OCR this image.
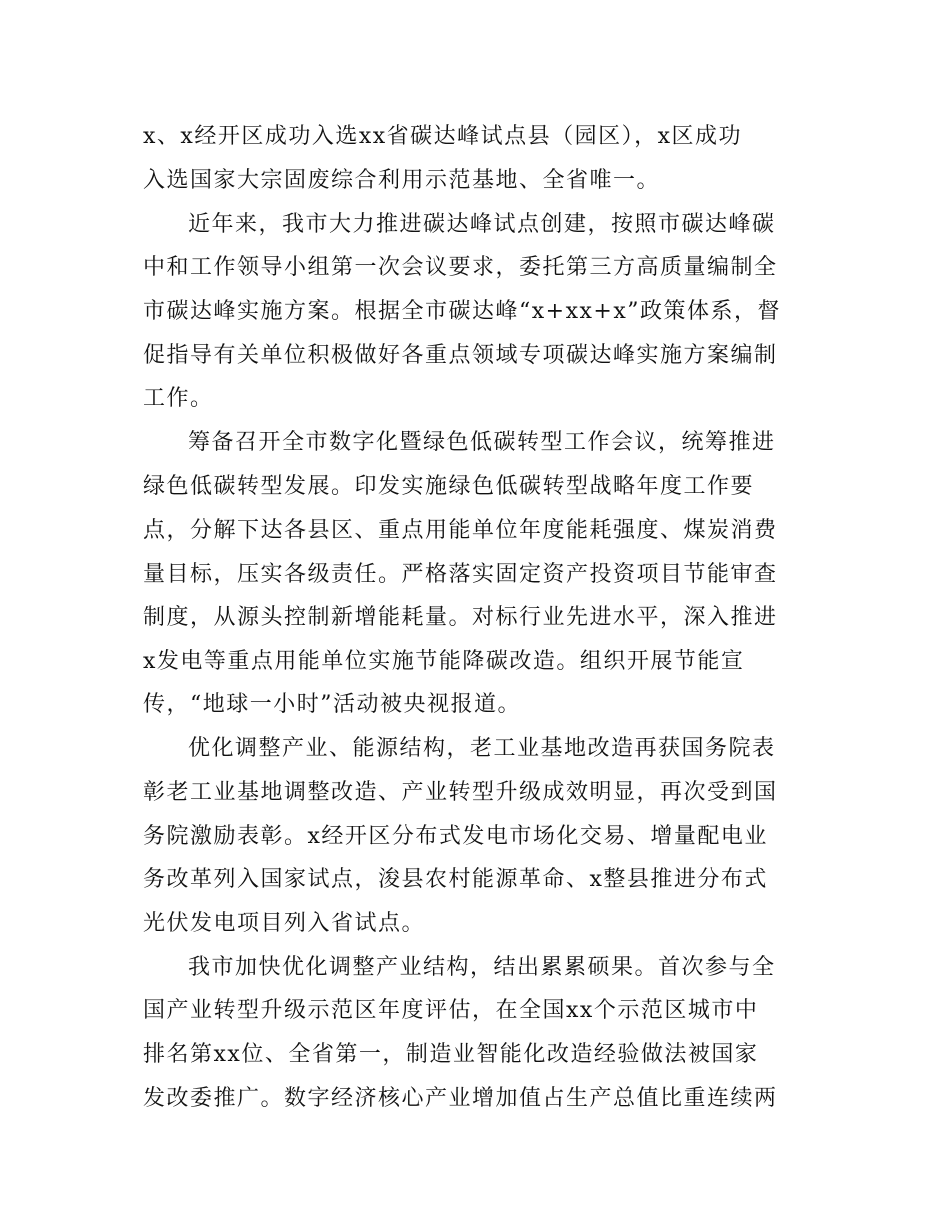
x、x经开区成功入选xx省碳达峰试点县（园区），x区成功

入选国家大宗固废综合利用示范基地、全省唯一。

近年来，我市大力推进碳达峰试点创建，按照市碳达峰碳

中和工作领导小组第一次会议要求，委托第三方高质量编制全

市碳达峰实施方案。根据全市碳达峰“x+xx+x”政策体系，督

促指导有关单位积极做好各重点领域专项碳达峰实施方案编制

工作。

筹备召开全市数字化暨绿色低碳转型工作会议，统筹推进

绿色低碳转型发展。印发实施绿色低碳转型战略年度工作要

点，分解下达各县区、重点用能单位年度能耗强度、煤炭消费

量目标，压实各级责任。严格落实固定资产投资项目节能审查

制度，从源头控制新增能耗量。对标行业先进水平，深入推进

x发电等重点用能单位实施节能降碳改造。组织开展节能宣

传，“地球一小时”活动被央视报道。

优化调整产业、能源结构，老工业基地改造再获国务院表

彰老工业基地调整改造、产业转型升级成效明显，再次受到国

务院激励表彰。x经开区分布式发电市场化交易、增量配电业

务改革列入国家试点，浚县农村能源革命、x整县推进分布式

光伏发电项目列入省试点。

我市加快优化调整产业结构，结出累累硕果。首次参与全

国产业转型升级示范区年度评估，在全国xx个示范区城市中

排名第xx位、全省第一，制造业智能化改造经验做法被国家

发改委推广。数字经济核心产业增加值占生产总值比重连续两
